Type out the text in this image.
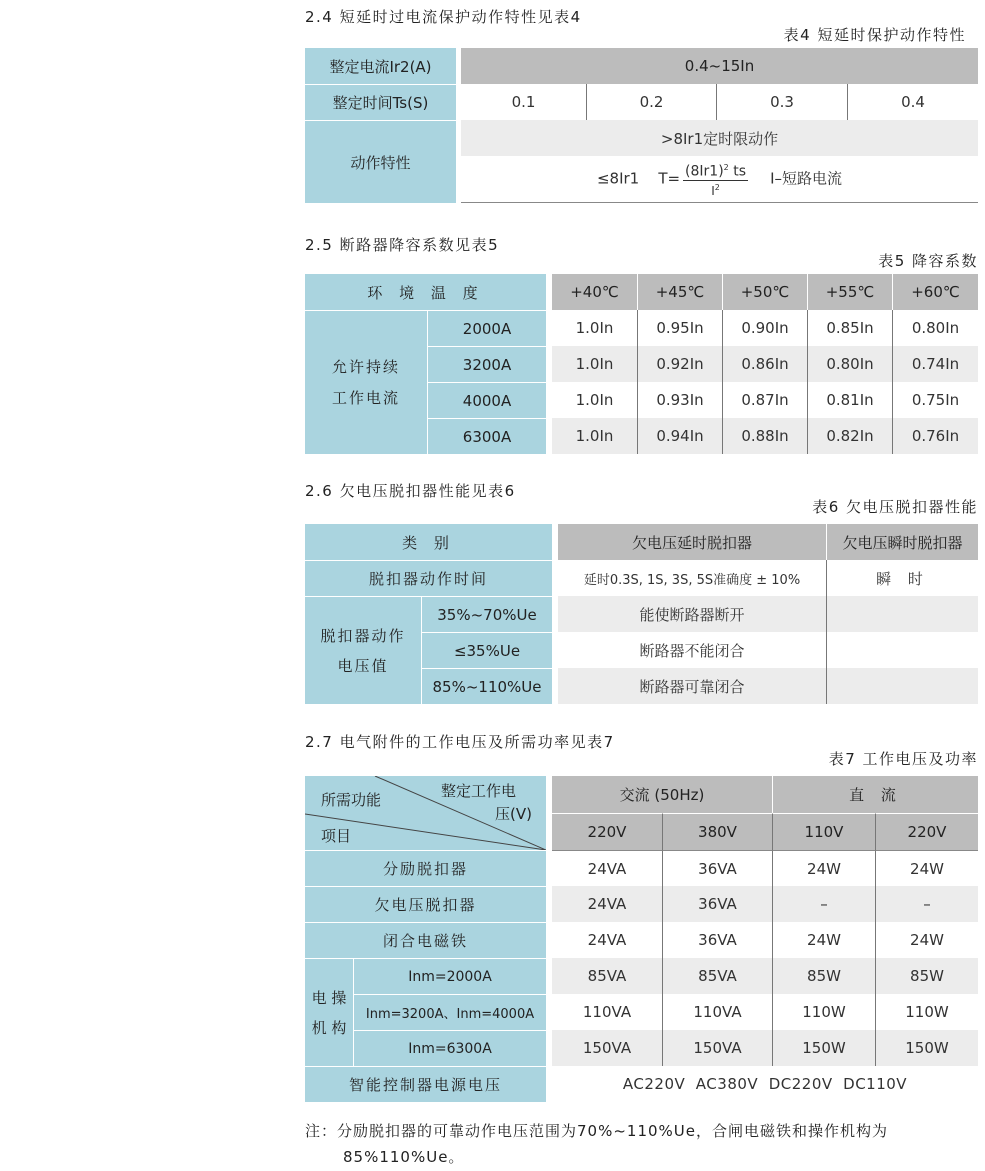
2.4 短延时过电流保护动作特性见表4
表4 短延时保护动作特性
整定电流Ir2(A)		0.4~15In			
整定时间Ts(S)		0.1	0.2	0.3	0.4
动作特性		>8Ir1定时限动作			
		≤8Ir1 $T= \frac{(8Ir1)^2 ts}{I^2} I-$短路电流			
2.5 断路器降容系数见表5
表5 降容系数
环 境 温 度			+40℃	+45℃	+50℃	+55℃	+60℃
允许持续
工作电流	2000A		1.0In	0.95In	0.90In	0.85In	0.80In
	3200A		1.0In	0.92In	0.86In	0.80In	0.74In
	4000A		1.0In	0.93In	0.87In	0.81In	0.75In
	6300A		1.0In	0.94In	0.88In	0.82In	0.76In
2.6 欠电压脱扣器性能见表6
表6 欠电压脱扣器性能
类 别			欠电压延时脱扣器	欠电压瞬时脱扣器
脱扣器动作时间			延时0.3S, 1S, 3S, 5S准确度 ± 10%	瞬 时
脱扣器动作
电压值	35%~70%Ue		能使断路器断开	
	≤35%Ue		断路器不能闭合	
	85%~110%Ue		断路器可靠闭合	
2.7 电气附件的工作电压及所需功率见表7
表7 工作电压及功率
所需功能 整定工作电
压(V)
项目			交流 (50Hz)		直 流	
			220V	380V	110V	220V
分励脱扣器			24VA	36VA	24W	24W
欠电压脱扣器			24VA	36VA	–	–
闭合电磁铁			24VA	36VA	24W	24W
电 操
机 构	Inm=2000A		85VA	85VA	85W	85W
	Inm=3200A、Inm=4000A		110VA	110VA	110W	110W
	Inm=6300A		150VA	150VA	150W	150W
智能控制器电源电压			AC220V  AC380V  DC220V  DC110V			
注：分励脱扣器的可靠动作电压范围为70%~110%Ue，合闸电磁铁和操作机构为
85%110%Ue。
